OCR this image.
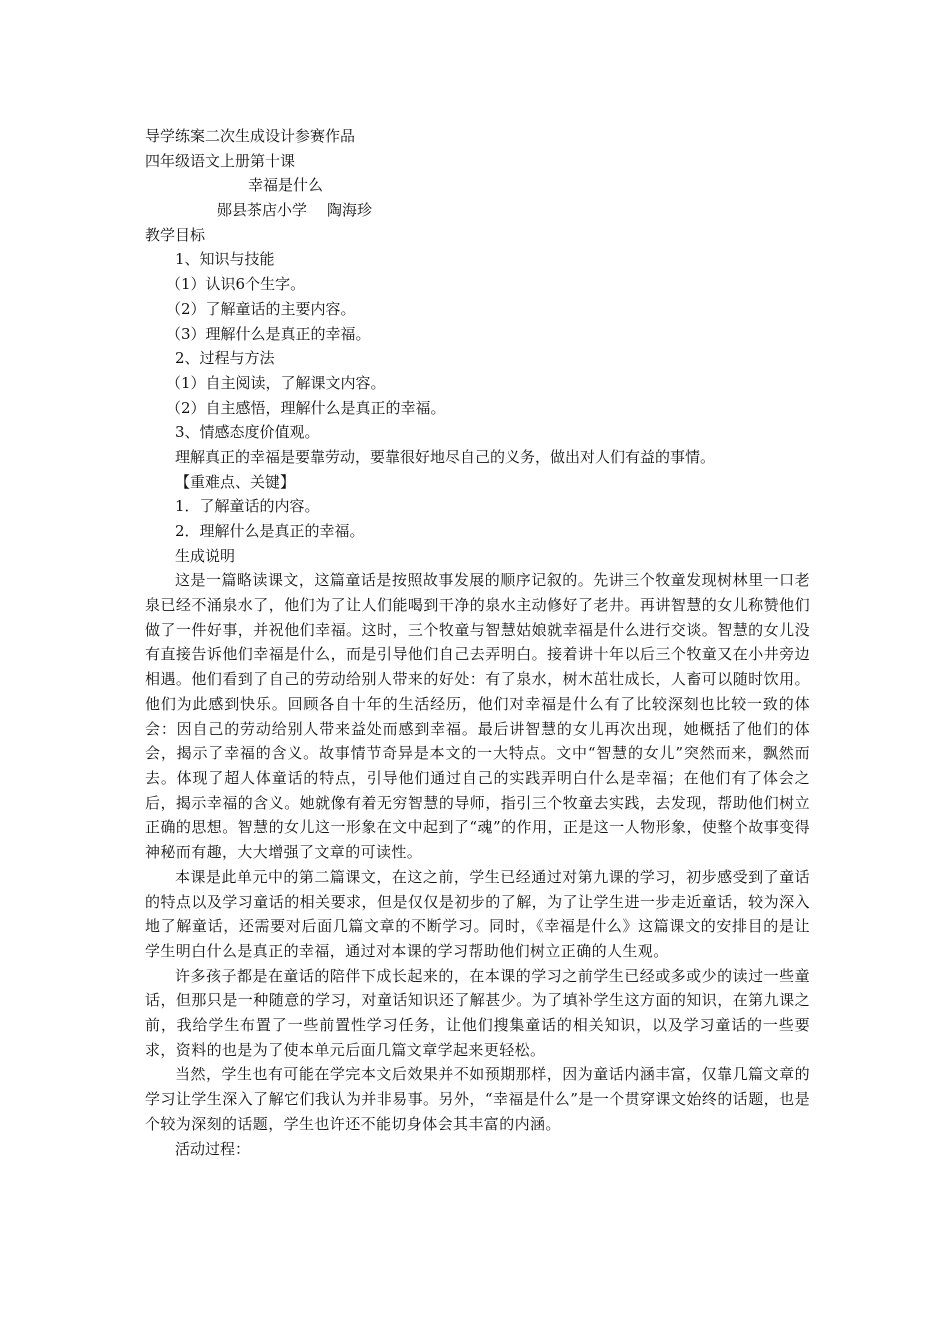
导学练案二次生成设计参赛作品
四年级语文上册第十课
幸福是什么
郧县茶店小学 陶海珍
教学目标
1、知识与技能
（1）认识6个生字。
（2）了解童话的主要内容。
（3）理解什么是真正的幸福。
2、过程与方法
（1）自主阅读，了解课文内容。
（2）自主感悟，理解什么是真正的幸福。
3、情感态度价值观。
理解真正的幸福是要靠劳动，要靠很好地尽自己的义务，做出对人们有益的事情。
【重难点、关键】
1．了解童话的内容。
2．理解什么是真正的幸福。
生成说明

这是一篇略读课文，这篇童话是按照故事发展的顺序记叙的。先讲三个牧童发现树林里一口老泉已经不涌泉水了，他们为了让人们能喝到干净的泉水主动修好了老井。再讲智慧的女儿称赞他们做了一件好事，并祝他们幸福。这时，三个牧童与智慧姑娘就幸福是什么进行交谈。智慧的女儿没有直接告诉他们幸福是什么，而是引导他们自己去弄明白。接着讲十年以后三个牧童又在小井旁边相遇。他们看到了自己的劳动给别人带来的好处：有了泉水，树木茁壮成长，人畜可以随时饮用。他们为此感到快乐。回顾各自十年的生活经历，他们对幸福是什么有了比较深刻也比较一致的体会：因自己的劳动给别人带来益处而感到幸福。最后讲智慧的女儿再次出现，她概括了他们的体会，揭示了幸福的含义。故事情节奇异是本文的一大特点。文中“智慧的女儿”突然而来，飘然而去。体现了超人体童话的特点，引导他们通过自己的实践弄明白什么是幸福；在他们有了体会之后，揭示幸福的含义。她就像有着无穷智慧的导师，指引三个牧童去实践，去发现，帮助他们树立正确的思想。智慧的女儿这一形象在文中起到了“魂”的作用，正是这一人物形象，使整个故事变得神秘而有趣，大大增强了文章的可读性。

本课是此单元中的第二篇课文，在这之前，学生已经通过对第九课的学习，初步感受到了童话的特点以及学习童话的相关要求，但是仅仅是初步的了解，为了让学生进一步走近童话，较为深入地了解童话，还需要对后面几篇文章的不断学习。同时，《幸福是什么》这篇课文的安排目的是让学生明白什么是真正的幸福，通过对本课的学习帮助他们树立正确的人生观。

许多孩子都是在童话的陪伴下成长起来的，在本课的学习之前学生已经或多或少的读过一些童话，但那只是一种随意的学习，对童话知识还了解甚少。为了填补学生这方面的知识，在第九课之前，我给学生布置了一些前置性学习任务，让他们搜集童话的相关知识，以及学习童话的一些要求，资料的也是为了使本单元后面几篇文章学起来更轻松。

当然，学生也有可能在学完本文后效果并不如预期那样，因为童话内涵丰富，仅靠几篇文章的学习让学生深入了解它们我认为并非易事。另外，“幸福是什么”是一个贯穿课文始终的话题，也是个较为深刻的话题，学生也许还不能切身体会其丰富的内涵。

活动过程：
